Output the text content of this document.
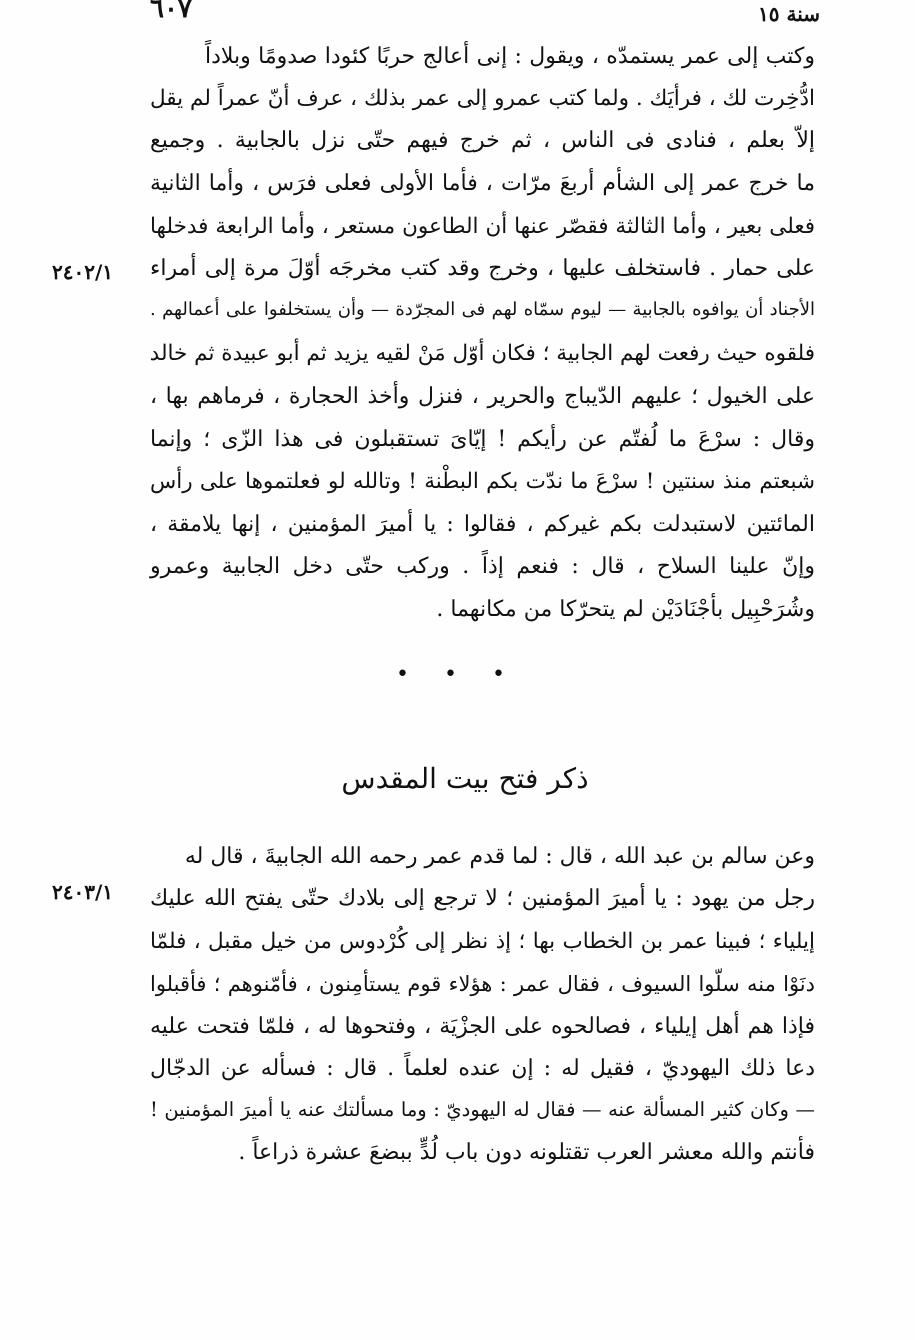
٦٠٧	سنة ١٥
وكتب إلى عمر يستمدّه ، ويقول : إنى أعالج حربًا كئودا صدومًا وبلاداً
ادُّخِرت لك ، فرأيَك . ولما كتب عمرو إلى عمر بذلك ، عرف أنّ عمراً لم يقل
إلاّ بعلم ، فنادى فى الناس ، ثم خرج فيهم حتّى نزل بالجابية . وجميع
ما خرج عمر إلى الشأم أربعَ مرّات ، فأما الأولى فعلى فرَس ، وأما الثانية
فعلى بعير ، وأما الثالثة فقصّر عنها أن الطاعون مستعر ، وأما الرابعة فدخلها
على حمار . فاستخلف عليها ، وخرج وقد كتب مخرجَه أوّلَ مرة إلى أمراء
الأجناد أن يوافوه بالجابية — ليوم سمّاه لهم فى المجرّدة — وأن يستخلفوا على أعمالهم .
فلقوه حيث رفعت لهم الجابية ؛ فكان أوّل مَنْ لقيه يزيد ثم أبو عبيدة ثم خالد
على الخيول ؛ عليهم الدّيباج والحرير ، فنزل وأخذ الحجارة ، فرماهم بها ،
وقال : سرْعَ ما لُفتّم عن رأيكم ! إيّاىَ تستقبلون فى هذا الزّى ؛ وإنما
شبعتم منذ سنتين ! سرْعَ ما ندّت بكم البطْنة ! وتالله لو فعلتموها على رأس
المائتين لاستبدلت بكم غيركم ، فقالوا : يا أميرَ المؤمنين ، إنها يلامقة ،
وإنّ علينا السلاح ، قال : فنعم إذاً . وركب حتّى دخل الجابية وعمرو
وشُرَحْبِيل بأجْنَادَيْن لم يتحرّكا من مكانهما .
٢٤٠٢/١
• • •
ذكر فتح بيت المقدس
وعن سالم بن عبد الله ، قال : لما قدم عمر رحمه الله الجابيةَ ، قال له
رجل من يهود : يا أميرَ المؤمنين ؛ لا ترجع إلى بلادك حتّى يفتح الله عليك
إيلياء ؛ فبينا عمر بن الخطاب بها ؛ إذ نظر إلى كُرْدوس من خيل مقبل ، فلمّا
دنَوْا منه سلّوا السيوف ، فقال عمر : هؤلاء قوم يستأمِنون ، فأمّنوهم ؛ فأقبلوا
فإذا هم أهل إيلياء ، فصالحوه على الجزْيَة ، وفتحوها له ، فلمّا فتحت عليه
دعا ذلك اليهوديّ ، فقيل له : إن عنده لعلماً . قال : فسأله عن الدجّال
— وكان كثير المسألة عنه — فقال له اليهوديّ : وما مسألتك عنه يا أميرَ المؤمنين !
فأنتم والله معشر العرب تقتلونه دون باب لُدٍّ ببضعَ عشرة ذراعاً .
٢٤٠٣/١
